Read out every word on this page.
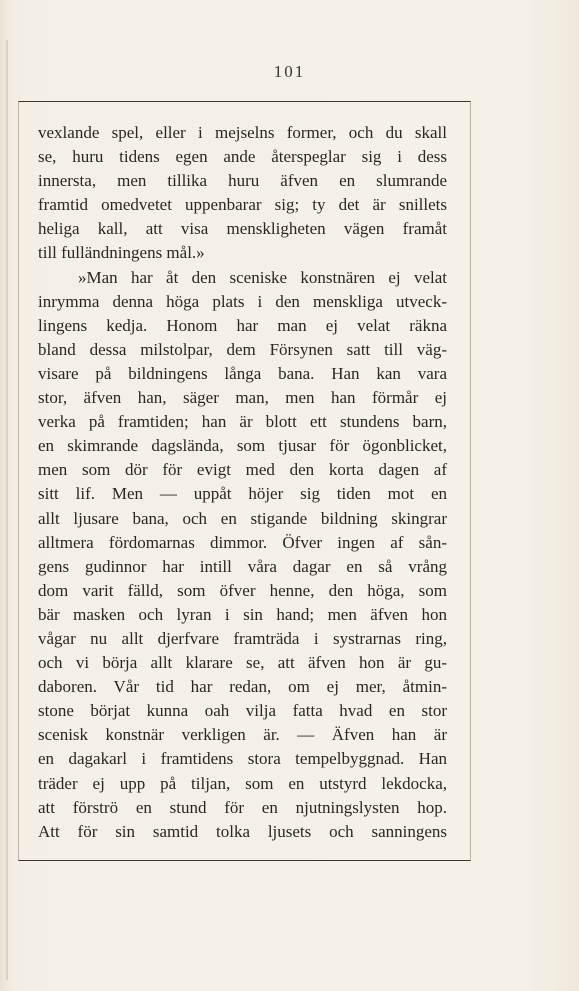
101
vexlande spel, eller i mejselns former, och du skall
se, huru tidens egen ande återspeglar sig i dess
innersta, men tillika huru äfven en slumrande
framtid omedvetet uppenbarar sig; ty det är snillets
heliga kall, att visa menskligheten vägen framåt
till fulländningens mål.»
»Man har åt den sceniske konstnären ej velat
inrymma denna höga plats i den menskliga utveck-
lingens kedja. Honom har man ej velat räkna
bland dessa milstolpar, dem Försynen satt till väg-
visare på bildningens långa bana. Han kan vara
stor, äfven han, säger man, men han förmår ej
verka på framtiden; han är blott ett stundens barn,
en skimrande dagslända, som tjusar för ögonblicket,
men som dör för evigt med den korta dagen af
sitt lif. Men — uppåt höjer sig tiden mot en
allt ljusare bana, och en stigande bildning skingrar
alltmera fördomarnas dimmor. Öfver ingen af sån-
gens gudinnor har intill våra dagar en så vrång
dom varit fälld, som öfver henne, den höga, som
bär masken och lyran i sin hand; men äfven hon
vågar nu allt djerfvare framträda i systrarnas ring,
och vi börja allt klarare se, att äfven hon är gu-
daboren. Vår tid har redan, om ej mer, åtmin-
stone börjat kunna oah vilja fatta hvad en stor
scenisk konstnär verkligen är. — Äfven han är
en dagakarl i framtidens stora tempelbyggnad. Han
träder ej upp på tiljan, som en utstyrd lekdocka,
att förströ en stund för en njutningslysten hop.
Att för sin samtid tolka ljusets och sanningens
